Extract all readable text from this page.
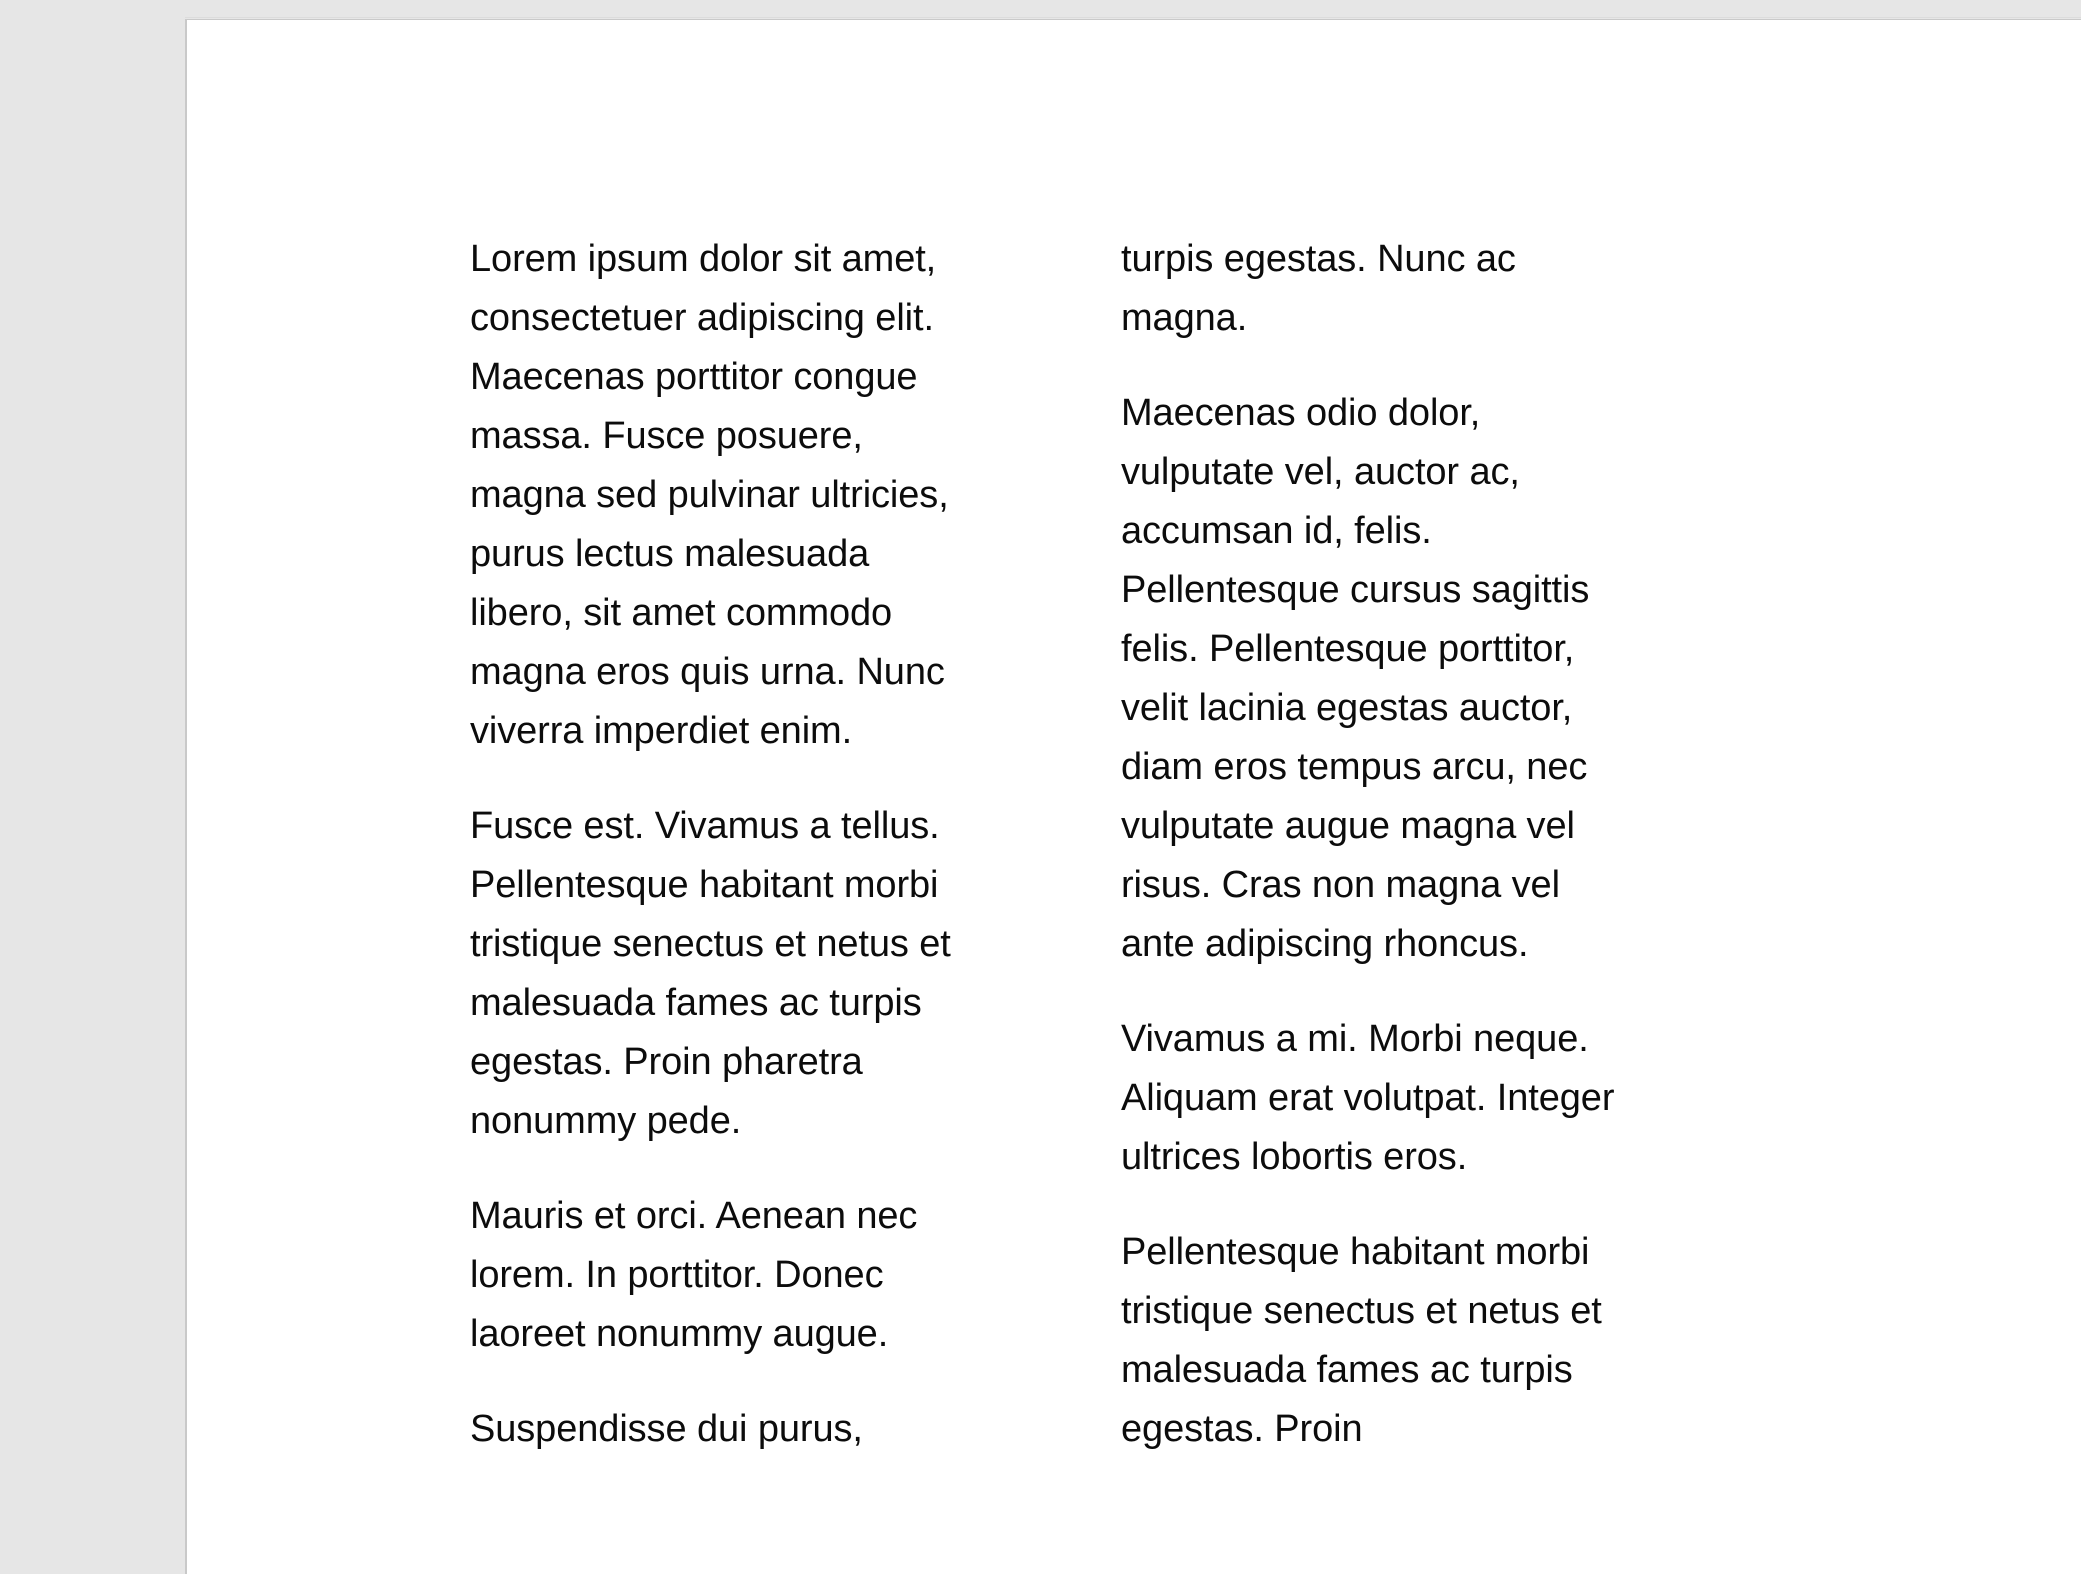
Lorem ipsum dolor sit amet, consectetuer adipiscing elit. Maecenas porttitor congue massa. Fusce posuere, magna sed pulvinar ultricies, purus lectus malesuada libero, sit amet commodo magna eros quis urna. Nunc viverra imperdiet enim.

Fusce est. Vivamus a tellus. Pellentesque habitant morbi tristique senectus et netus et malesuada fames ac turpis egestas. Proin pharetra nonummy pede.

Mauris et orci. Aenean nec lorem. In porttitor. Donec laoreet nonummy augue.

Suspendisse dui purus,

turpis egestas. Nunc ac magna.

Maecenas odio dolor, vulputate vel, auctor ac, accumsan id, felis. Pellentesque cursus sagittis felis. Pellentesque porttitor, velit lacinia egestas auctor, diam eros tempus arcu, nec vulputate augue magna vel risus. Cras non magna vel ante adipiscing rhoncus.

Vivamus a mi. Morbi neque. Aliquam erat volutpat. Integer ultrices lobortis eros.

Pellentesque habitant morbi tristique senectus et netus et malesuada fames ac turpis egestas. Proin
